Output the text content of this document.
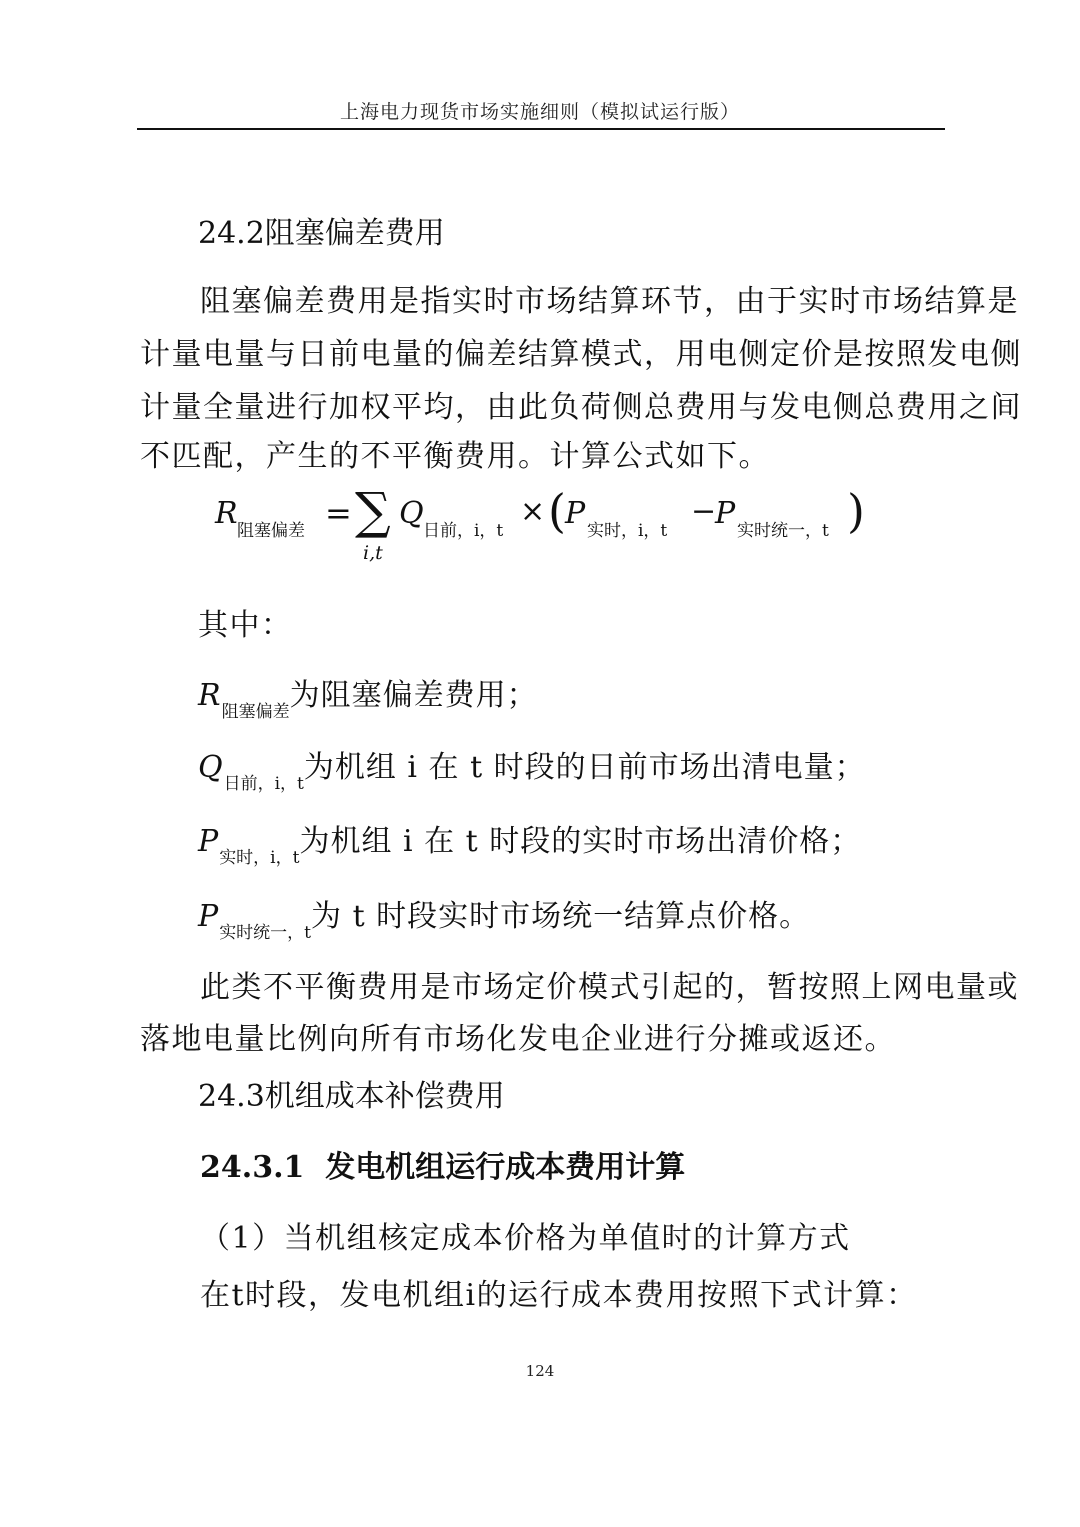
上海电力现货市场实施细则（模拟试运行版）
24.2阻塞偏差费用
阻塞偏差费用是指实时市场结算环节，由于实时市场结算是
计量电量与日前电量的偏差结算模式，用电侧定价是按照发电侧
计量全量进行加权平均，由此负荷侧总费用与发电侧总费用之间
不匹配，产生的不平衡费用。计算公式如下。
R 阻塞偏差 = ∑
i,t
Q 日前，i，t
× ( P 实时，i，t
−
P 实时统一，t )
其中：
$R_{阻塞偏差}$为阻塞偏差费用；
$Q_{日前,i,t}$为机组 i 在 t 时段的日前市场出清电量；
$P_{实时,i,t}$为机组 i 在 t 时段的实时市场出清价格；
$P_{实时统一,t}$为 t 时段实时市场统一结算点价格。
此类不平衡费用是市场定价模式引起的，暂按照上网电量或
落地电量比例向所有市场化发电企业进行分摊或返还。
24.3机组成本补偿费用
24.3.1 发电机组运行成本费用计算
（1）当机组核定成本价格为单值时的计算方式
在t时段，发电机组i的运行成本费用按照下式计算：
124
